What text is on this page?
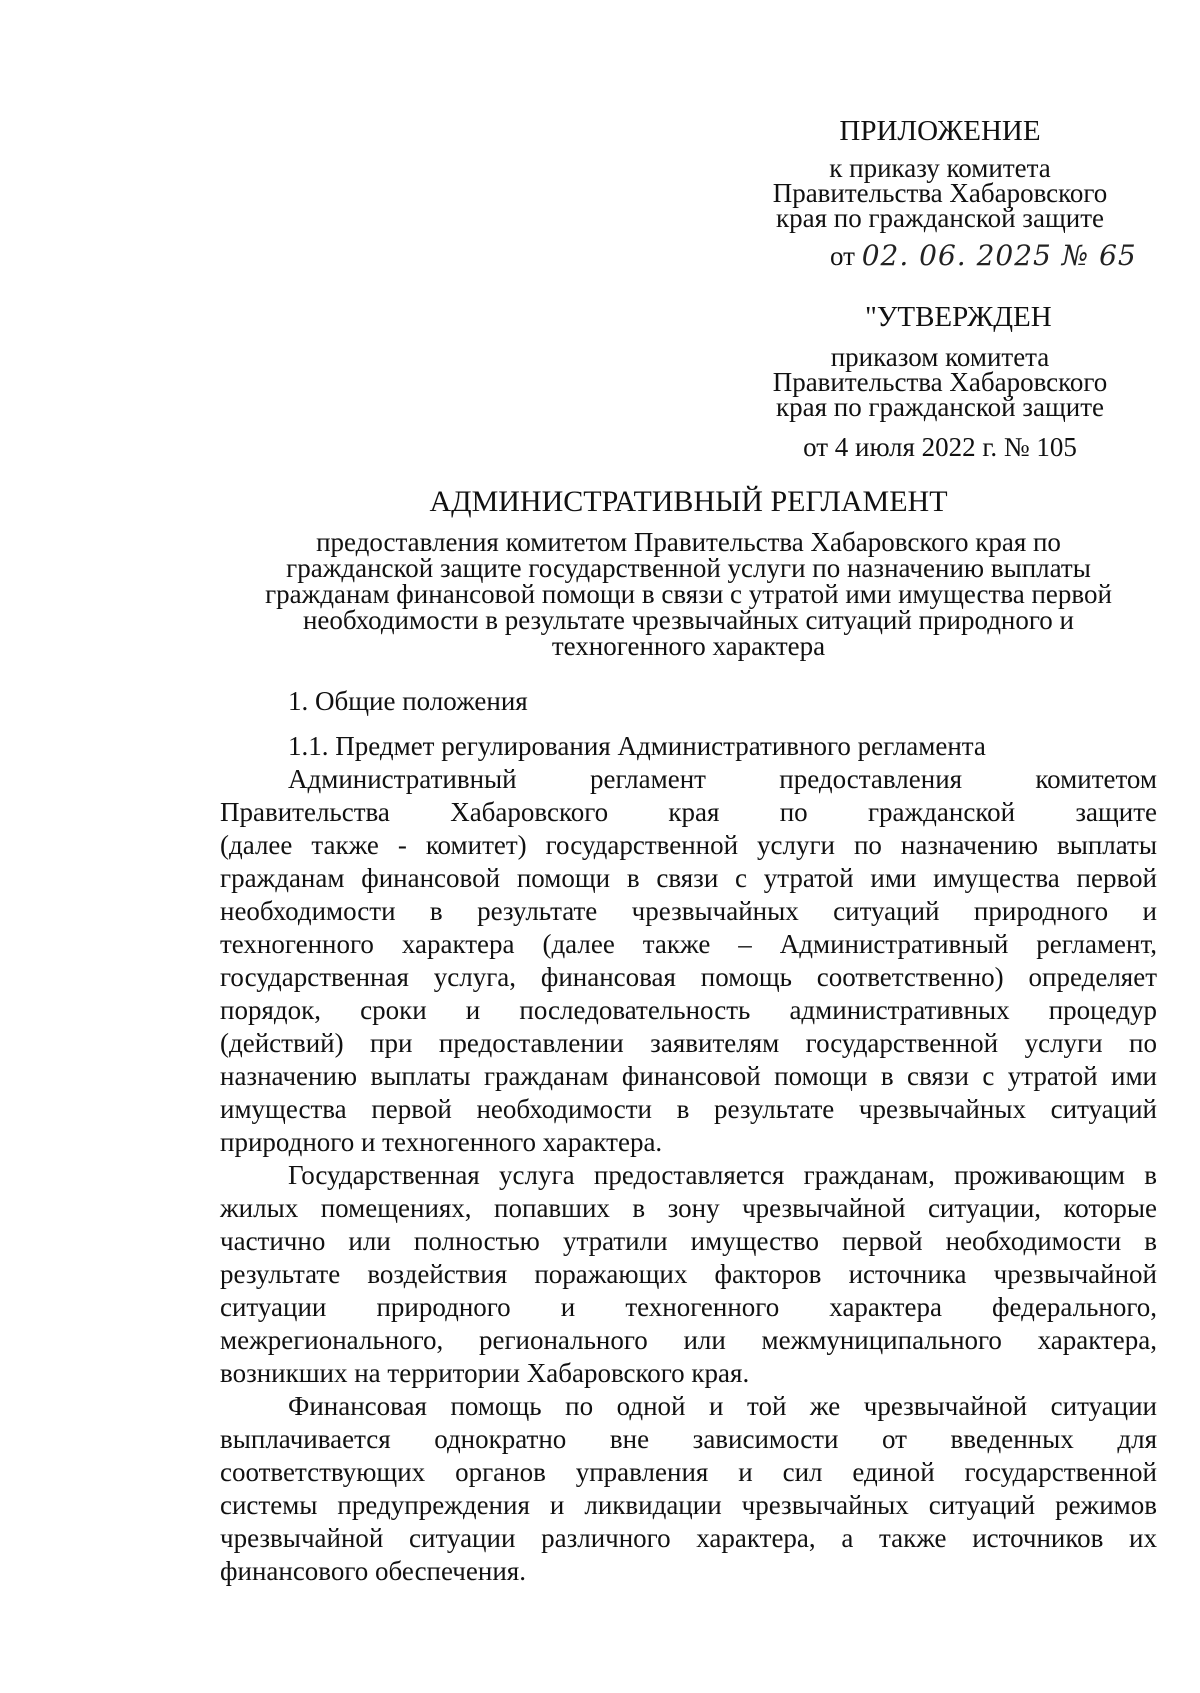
ПРИЛОЖЕНИЕ
к приказу комитета
Правительства Хабаровского
края по гражданской защите
от 02. 06. 2025 № 65
"УТВЕРЖДЕН
приказом комитета
Правительства Хабаровского
края по гражданской защите
от 4 июля 2022 г. № 105
АДМИНИСТРАТИВНЫЙ РЕГЛАМЕНТ
предоставления комитетом Правительства Хабаровского края по
гражданской защите государственной услуги по назначению выплаты
гражданам финансовой помощи в связи с утратой ими имущества первой
необходимости в результате чрезвычайных ситуаций природного и
техногенного характера
1. Общие положения
1.1. Предмет регулирования Административного регламента
Административный регламент предоставления комитетом
Правительства Хабаровского края по гражданской защите
(далее также - комитет) государственной услуги по назначению выплаты
гражданам финансовой помощи в связи с утратой ими имущества первой
необходимости в результате чрезвычайных ситуаций природного и
техногенного характера (далее также – Административный регламент,
государственная услуга, финансовая помощь соответственно) определяет
порядок, сроки и последовательность административных процедур
(действий) при предоставлении заявителям государственной услуги по
назначению выплаты гражданам финансовой помощи в связи с утратой ими
имущества первой необходимости в результате чрезвычайных ситуаций
природного и техногенного характера.
Государственная услуга предоставляется гражданам, проживающим в
жилых помещениях, попавших в зону чрезвычайной ситуации, которые
частично или полностью утратили имущество первой необходимости в
результате воздействия поражающих факторов источника чрезвычайной
ситуации природного и техногенного характера федерального,
межрегионального, регионального или межмуниципального характера,
возникших на территории Хабаровского края.
Финансовая помощь по одной и той же чрезвычайной ситуации
выплачивается однократно вне зависимости от введенных для
соответствующих органов управления и сил единой государственной
системы предупреждения и ликвидации чрезвычайных ситуаций режимов
чрезвычайной ситуации различного характера, а также источников их
финансового обеспечения.
